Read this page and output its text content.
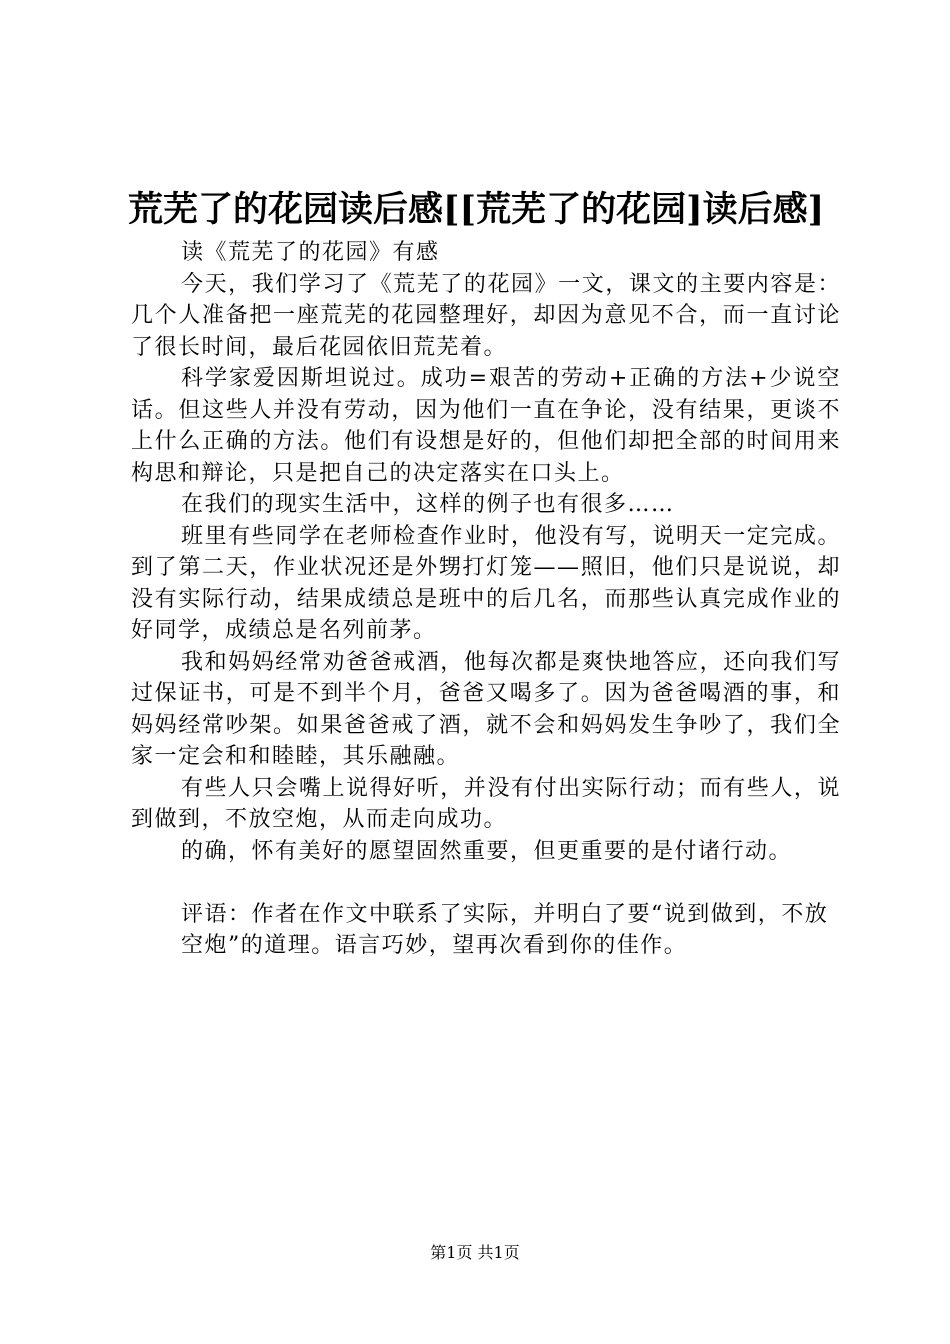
荒芜了的花园读后感[[荒芜了的花园]读后感]

读《荒芜了的花园》有感

今天，我们学习了《荒芜了的花园》一文，课文的主要内容是：几个人准备把一座荒芜的花园整理好，却因为意见不合，而一直讨论了很长时间，最后花园依旧荒芜着。

科学家爱因斯坦说过。成功=艰苦的劳动+正确的方法+少说空话。但这些人并没有劳动，因为他们一直在争论，没有结果，更谈不上什么正确的方法。他们有设想是好的，但他们却把全部的时间用来构思和辩论，只是把自己的决定落实在口头上。

在我们的现实生活中，这样的例子也有很多……

班里有些同学在老师检查作业时，他没有写，说明天一定完成。到了第二天，作业状况还是外甥打灯笼——照旧，他们只是说说，却没有实际行动，结果成绩总是班中的后几名，而那些认真完成作业的好同学，成绩总是名列前茅。

我和妈妈经常劝爸爸戒酒，他每次都是爽快地答应，还向我们写过保证书，可是不到半个月，爸爸又喝多了。因为爸爸喝酒的事，和妈妈经常吵架。如果爸爸戒了酒，就不会和妈妈发生争吵了，我们全家一定会和和睦睦，其乐融融。

有些人只会嘴上说得好听，并没有付出实际行动；而有些人，说到做到，不放空炮，从而走向成功。

的确，怀有美好的愿望固然重要，但更重要的是付诸行动。

评语：作者在作文中联系了实际，并明白了要“说到做到，不放

空炮”的道理。语言巧妙，望再次看到你的佳作。

第1页 共1页
